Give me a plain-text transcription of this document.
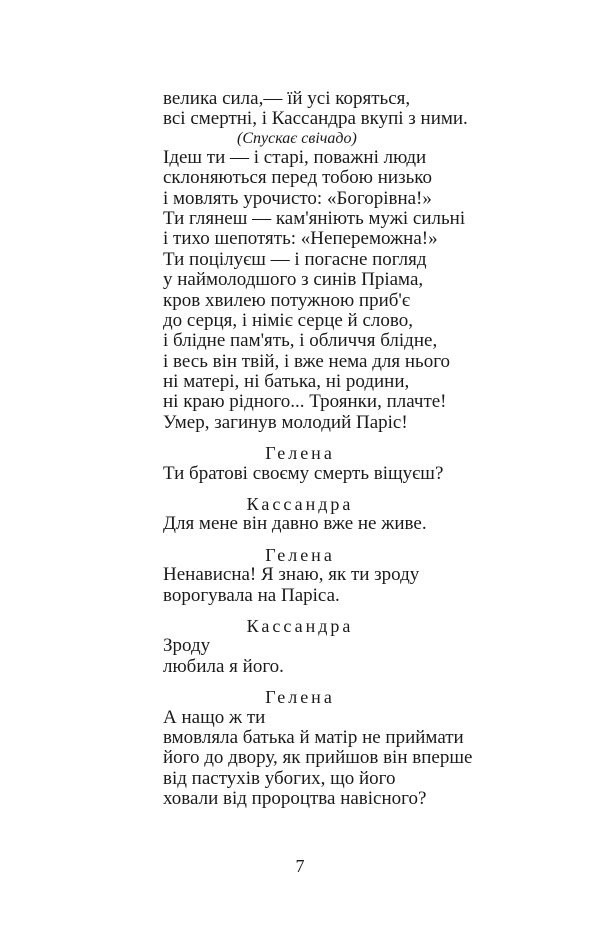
велика сила,— їй усі коряться,
всі смертні, і Кассандра вкупі з ними.
(Спускає свічадо)
Ідеш ти — і старі, поважні люди
склоняються перед тобою низько
і мовлять урочисто: «Богорівна!»
Ти глянеш — кам'яніють мужі сильні
і тихо шепотять: «Непереможна!»
Ти поцілуєш — і погасне погляд
у наймолодшого з синів Пріама,
кров хвилею потужною приб'є
до серця, і німіє серце й слово,
і блідне пам'ять, і обличчя блідне,
і весь він твій, і вже нема для нього
ні матері, ні батька, ні родини,
ні краю рідного... Троянки, плачте!
Умер, загинув молодий Паріс!
Гелена
Ти братові своєму смерть віщуєш?
Кассандра
Для мене він давно вже не живе.
Гелена
Ненависна! Я знаю, як ти зроду
ворогувала на Паріса.
Кассандра
Зроду
любила я його.
Гелена
А нащо ж ти
вмовляла батька й матір не приймати
його до двору, як прийшов він вперше
від пастухів убогих, що його
ховали від пророцтва навісного?
7
